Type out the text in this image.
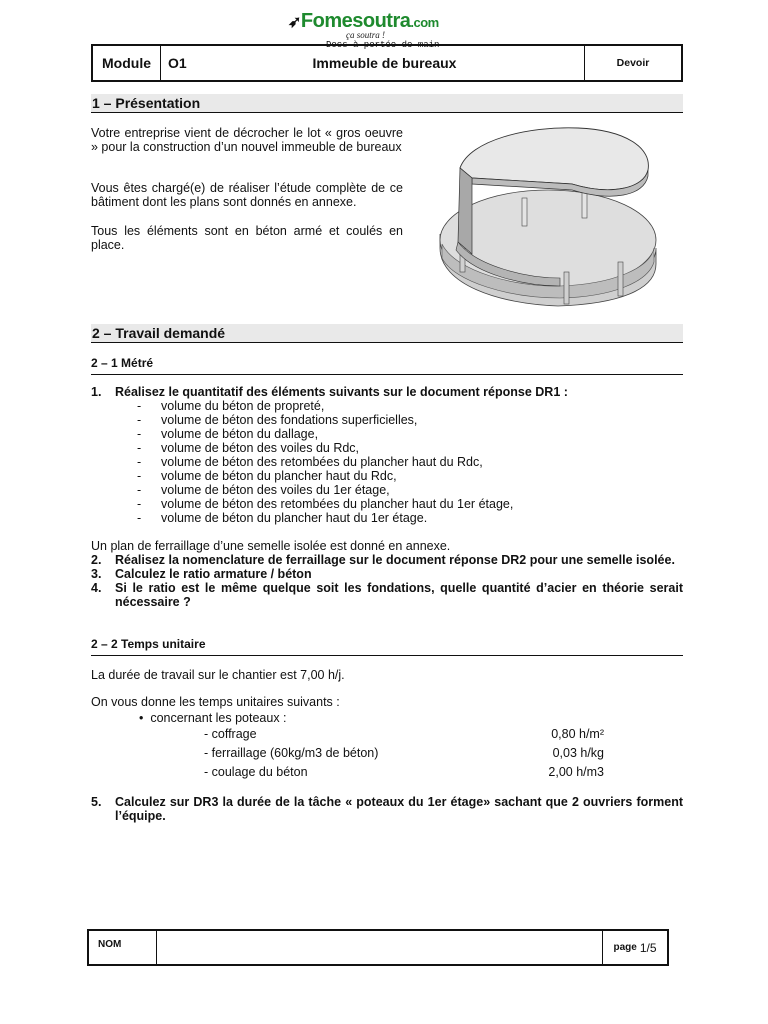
➶Fomesoutra.com
ça soutra !
Docs à portée de main
Module	O1	Immeuble de bureaux	Devoir
1 – Présentation
Votre entreprise vient de décrocher le lot « gros oeuvre » pour la construction d’un nouvel immeuble de bureaux
Vous êtes chargé(e) de réaliser l’étude complète de ce bâtiment dont les plans sont donnés en annexe.
Tous les éléments sont en béton armé et coulés en place.
2 – Travail demandé
2 – 1 Métré
1.	Réalisez le quantitatif des éléments suivants sur le document réponse DR1 :
-	volume du béton de propreté,
-	volume de béton des fondations superficielles,
-	volume de béton du dallage,
-	volume de béton des voiles du Rdc,
-	volume de béton des retombées du plancher haut du Rdc,
-	volume de béton du plancher haut du Rdc,
-	volume de béton des voiles du 1er étage,
-	volume de béton des retombées du plancher haut du 1er étage,
-	volume de béton du plancher haut du 1er étage.
Un plan de ferraillage d’une semelle isolée est donné en annexe.
2.	Réalisez la nomenclature de ferraillage sur le document réponse DR2 pour une semelle isolée.
3.	Calculez le ratio armature / béton
4.	Si le ratio est le même quelque soit les fondations, quelle quantité d’acier en théorie serait nécessaire ?
2 – 2 Temps unitaire
La durée de travail sur le chantier est 7,00 h/j.
On vous donne les temps unitaires suivants :
•  concernant les poteaux :
- coffrage	0,80 h/m²
- ferraillage (60kg/m3 de béton)	0,03 h/kg
- coulage du béton	2,00 h/m3
5.	Calculez sur DR3 la durée de la tâche « poteaux du 1er étage» sachant que 2 ouvriers forment l’équipe.
NOM	page 1/5
